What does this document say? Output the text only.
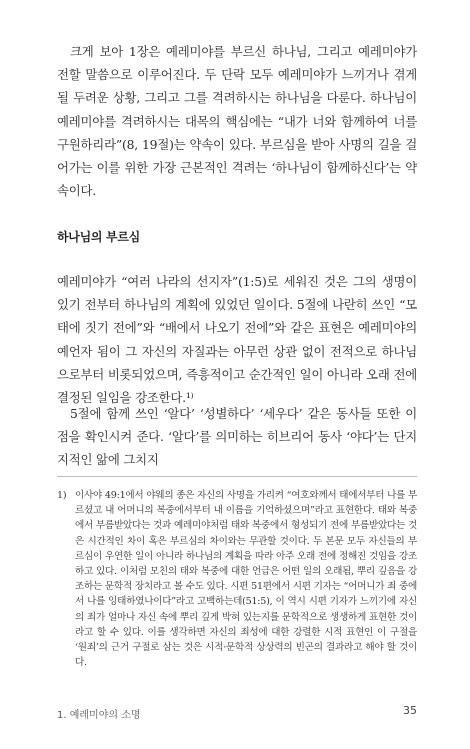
크게 보아 1장은 예레미야를 부르신 하나님, 그리고 예레미야가 전할 말씀으로 이루어진다. 두 단락 모두 예레미야가 느끼거나 겪게 될 두려운 상황, 그리고 그를 격려하시는 하나님을 다룬다. 하나님이 예레미야를 격려하시는 대목의 핵심에는 “내가 너와 함께하여 너를 구원하리라”(8, 19절)는 약속이 있다. 부르심을 받아 사명의 길을 걸어가는 이를 위한 가장 근본적인 격려는 ‘하나님이 함께하신다’는 약속이다.

하나님의 부르심

예레미야가 “여러 나라의 선지자”(1:5)로 세워진 것은 그의 생명이 있기 전부터 하나님의 계획에 있었던 일이다. 5절에 나란히 쓰인 “모태에 짓기 전에”와 “배에서 나오기 전에”와 같은 표현은 예레미야의 예언자 됨이 그 자신의 자질과는 아무런 상관 없이 전적으로 하나님으로부터 비롯되었으며, 즉흥적이고 순간적인 일이 아니라 오래 전에 결정된 일임을 강조한다.¹⁾

5절에 함께 쓰인 ‘알다’ ‘성별하다’ ‘세우다’ 같은 동사들 또한 이 점을 확인시켜 준다. ‘알다’를 의미하는 히브리어 동사 ‘야다’는 단지 지적인 앎에 그치지

1) 이사야 49:1에서 야웨의 종은 자신의 사명을 가리켜 “여호와께서 태에서부터 나를 부르셨고 내 어머니의 복중에서부터 내 이름을 기억하셨으며”라고 표현한다. 태와 복중에서 부름받았다는 것과 예레미야처럼 태와 복중에서 형성되기 전에 부름받았다는 것은 시간적인 차이 혹은 부르심의 차이와는 무관할 것이다. 두 본문 모두 자신들의 부르심이 우연한 일이 아니라 하나님의 계획을 따라 아주 오래 전에 정해진 것임을 강조하고 있다. 이처럼 모친의 태와 복중에 대한 언급은 어떤 일의 오래됨, 뿌리 깊음을 강조하는 문학적 장치라고 볼 수도 있다. 시편 51편에서 시편 기자는 “어머니가 죄 중에서 나를 잉태하였나이다”라고 고백하는데(51:5), 이 역시 시편 기자가 느끼기에 자신의 죄가 얼마나 자신 속에 뿌리 깊게 박혀 있는지를 문학적으로 생생하게 표현한 것이라고 할 수 있다. 이를 생각하면 자신의 죄성에 대한 강렬한 시적 표현인 이 구절을 ‘원죄’의 근거 구절로 삼는 것은 시적·문학적 상상력의 빈곤의 결과라고 해야 할 것이다.

1. 예레미야의 소명	35
